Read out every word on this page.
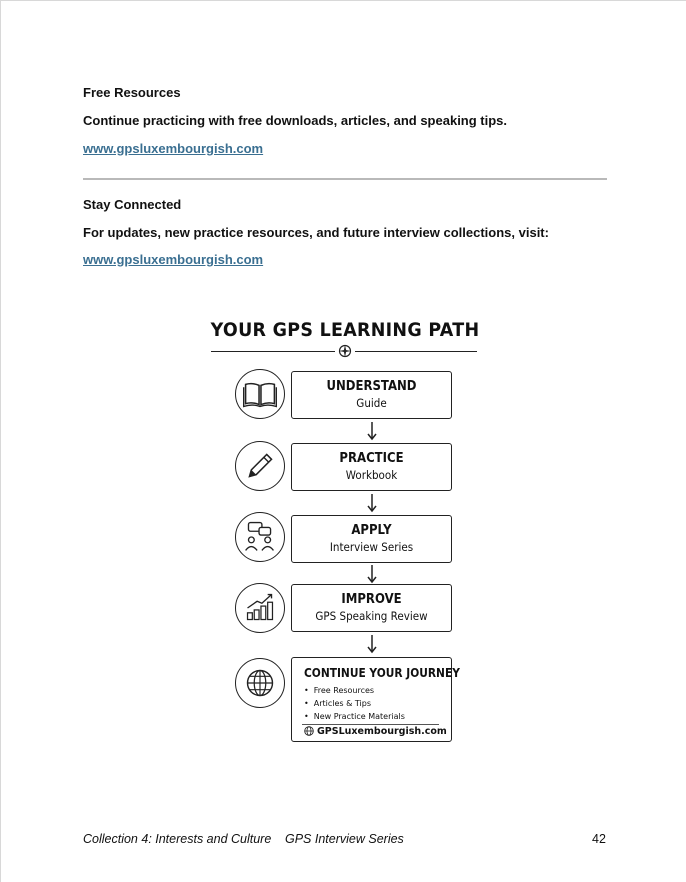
Free Resources
Continue practicing with free downloads, articles, and speaking tips.
www.gpsluxembourgish.com
Stay Connected
For updates, new practice resources, and future interview collections, visit:
www.gpsluxembourgish.com
YOUR GPS LEARNING PATH
UNDERSTAND
Guide
PRACTICE
Workbook
APPLY
Interview Series
IMPROVE
GPS Speaking Review
CONTINUE YOUR JOURNEY
• Free Resources
• Articles & Tips
• New Practice Materials
GPSLuxembourgish.com
Collection 4: Interests and Culture GPS Interview Series	42
